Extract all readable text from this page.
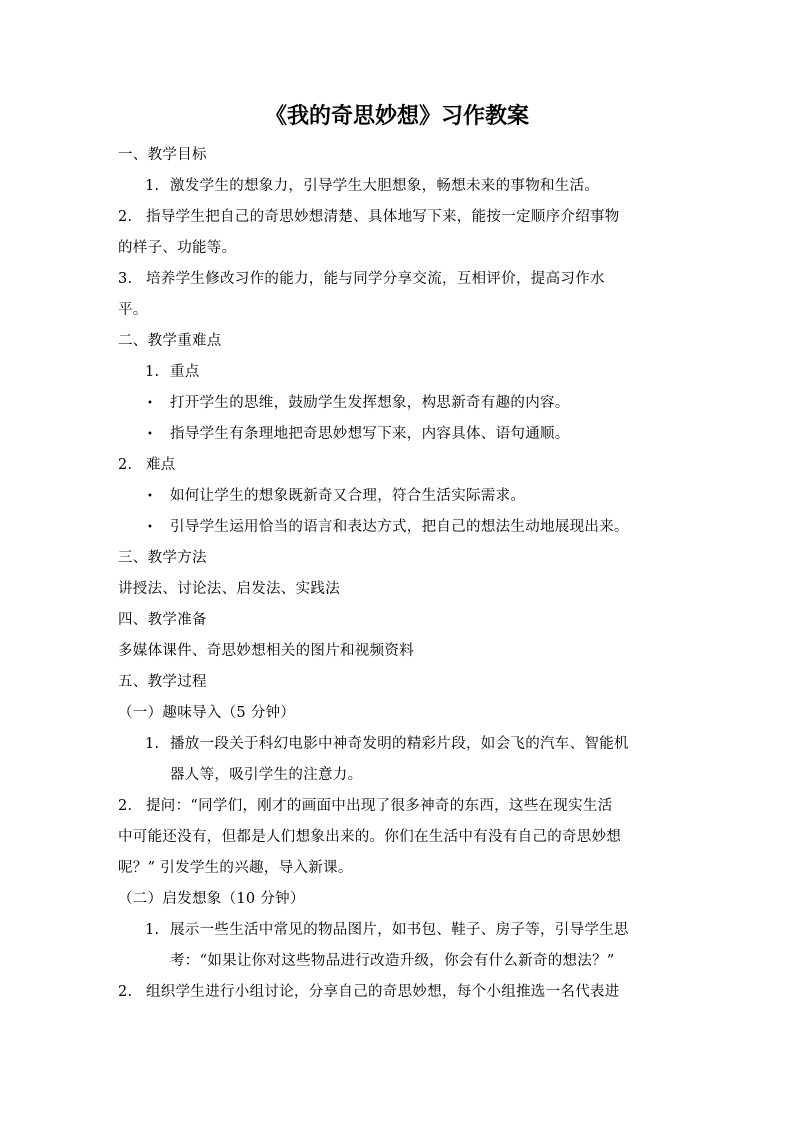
《我的奇思妙想》习作教案
一、教学目标
1. 激发学生的想象力，引导学生大胆想象，畅想未来的事物和生活。
2. 指导学生把自己的奇思妙想清楚、具体地写下来，能按一定顺序介绍事物
的样子、功能等。
3. 培养学生修改习作的能力，能与同学分享交流，互相评价，提高习作水
平。
二、教学重难点
1. 重点
• 打开学生的思维，鼓励学生发挥想象，构思新奇有趣的内容。
• 指导学生有条理地把奇思妙想写下来，内容具体、语句通顺。
2. 难点
• 如何让学生的想象既新奇又合理，符合生活实际需求。
• 引导学生运用恰当的语言和表达方式，把自己的想法生动地展现出来。
三、教学方法
讲授法、讨论法、启发法、实践法
四、教学准备
多媒体课件、奇思妙想相关的图片和视频资料
五、教学过程
（一）趣味导入（5 分钟）
1. 播放一段关于科幻电影中神奇发明的精彩片段，如会飞的汽车、智能机
器人等，吸引学生的注意力。
2. 提问：“同学们，刚才的画面中出现了很多神奇的东西，这些在现实生活
中可能还没有，但都是人们想象出来的。你们在生活中有没有自己的奇思妙想
呢？” 引发学生的兴趣，导入新课。
（二）启发想象（10 分钟）
1. 展示一些生活中常见的物品图片，如书包、鞋子、房子等，引导学生思
考：“如果让你对这些物品进行改造升级，你会有什么新奇的想法？”
2. 组织学生进行小组讨论，分享自己的奇思妙想，每个小组推选一名代表进
